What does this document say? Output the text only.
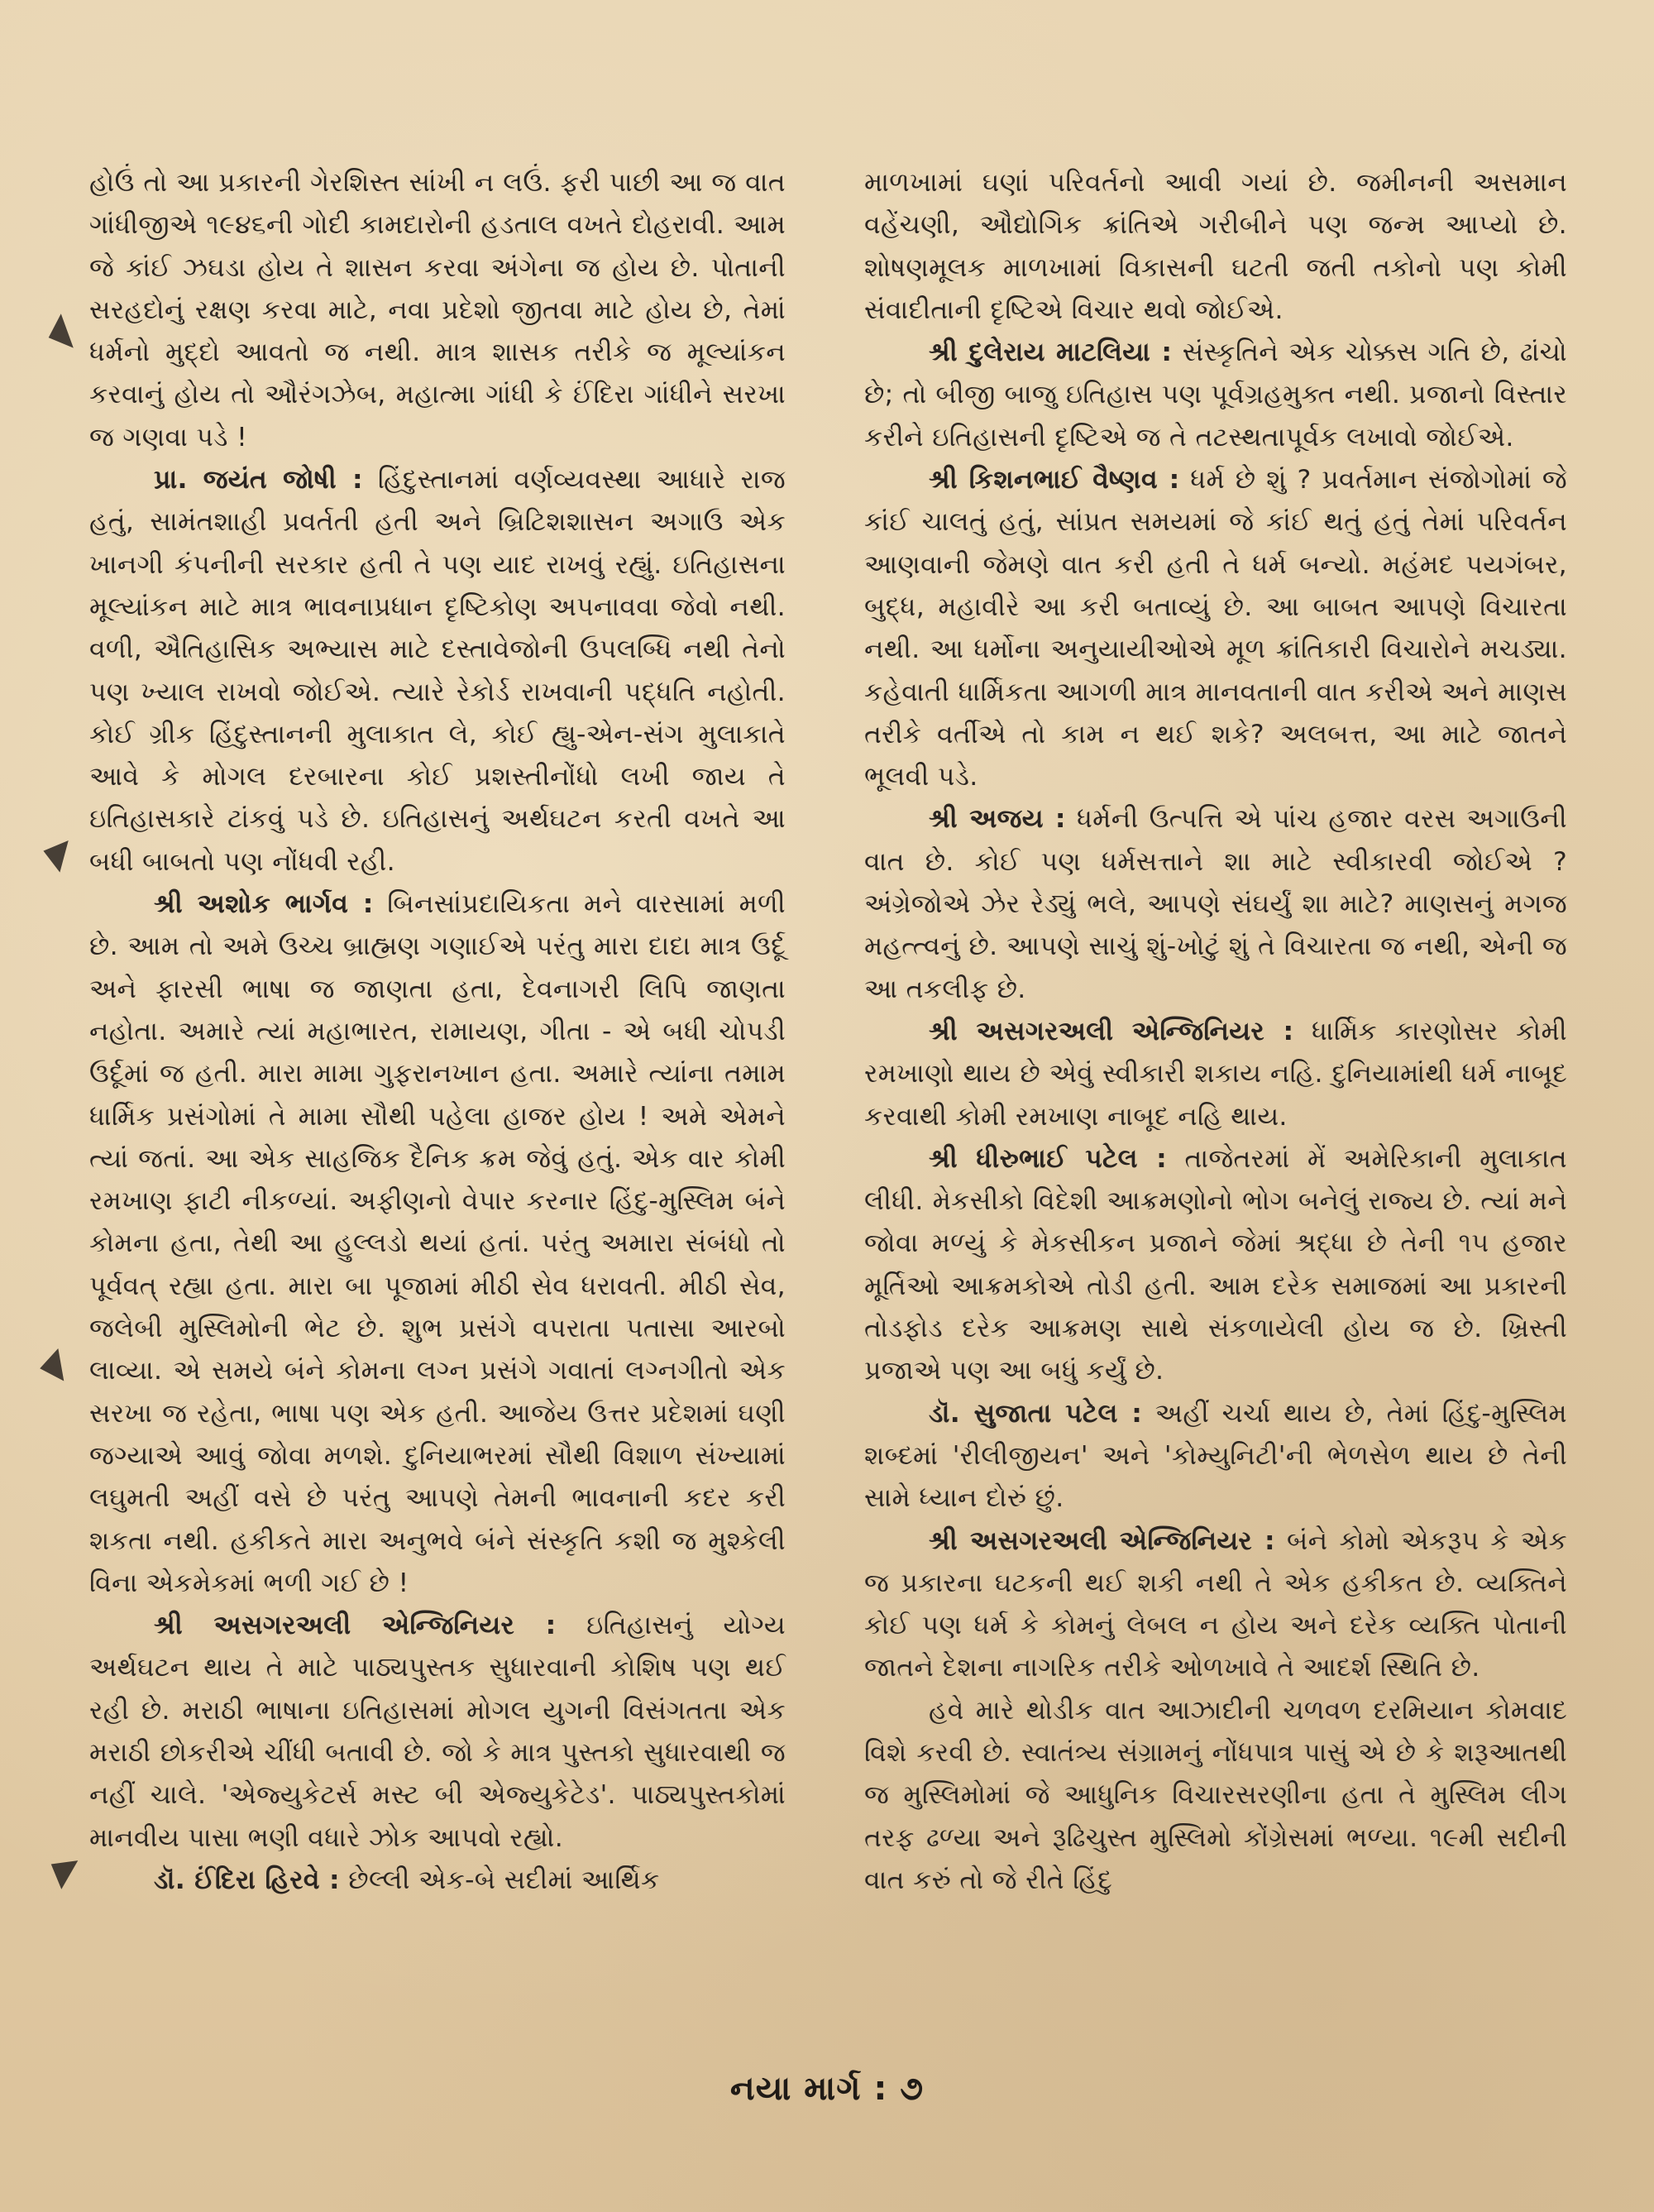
હોઉં તો આ પ્રકારની ગેરશિસ્ત સાંખી ન લઉં. ફરી પાછી આ જ વાત ગાંધીજીએ ૧૯૪૬ની ગોદી કામદારોની હડતાલ વખતે દોહરાવી. આમ જે કાંઈ ઝઘડા હોય તે શાસન કરવા અંગેના જ હોય છે. પોતાની સરહદોનું રક્ષણ કરવા માટે, નવા પ્રદેશો જીતવા માટે હોય છે, તેમાં ધર્મનો મુદ્દો આવતો જ નથી. માત્ર શાસક તરીકે જ મૂલ્યાંકન કરવાનું હોય તો ઔરંગઝેબ, મહાત્મા ગાંધી કે ઈંદિરા ગાંધીને સરખા જ ગણવા પડે !

પ્રા. જયંત જોષી : હિંદુસ્તાનમાં વર્ણવ્યવસ્થા આધારે રાજ હતું, સામંતશાહી પ્રવર્તતી હતી અને બ્રિટિશશાસન અગાઉ એક ખાનગી કંપનીની સરકાર હતી તે પણ યાદ રાખવું રહ્યું. ઇતિહાસના મૂલ્યાંકન માટે માત્ર ભાવનાપ્રધાન દૃષ્ટિકોણ અપનાવવા જેવો નથી. વળી, ઐતિહાસિક અભ્યાસ માટે દસ્તાવેજોની ઉપલબ્ધિ નથી તેનો પણ ખ્યાલ રાખવો જોઈએ. ત્યારે રેકોર્ડ રાખવાની પદ્ધતિ નહોતી. કોઈ ગ્રીક હિંદુસ્તાનની મુલાકાત લે, કોઈ હ્યુ-એન-સંગ મુલાકાતે આવે કે મોગલ દરબારના કોઈ પ્રશસ્તીનોંધો લખી જાય તે ઇતિહાસકારે ટાંકવું પડે છે. ઇતિહાસનું અર્થઘટન કરતી વખતે આ બધી બાબતો પણ નોંધવી રહી.

શ્રી અશોક ભાર્ગવ : બિનસાંપ્રદાયિકતા મને વારસામાં મળી છે. આમ તો અમે ઉચ્ચ બ્રાહ્મણ ગણાઈએ પરંતુ મારા દાદા માત્ર ઉર્દૂ અને ફારસી ભાષા જ જાણતા હતા, દેવનાગરી લિપિ જાણતા નહોતા. અમારે ત્યાં મહાભારત, રામાયણ, ગીતા - એ બધી ચોપડી ઉર્દૂમાં જ હતી. મારા મામા ગુફરાનખાન હતા. અમારે ત્યાંના તમામ ધાર્મિક પ્રસંગોમાં તે મામા સૌથી પહેલા હાજર હોય ! અમે એમને ત્યાં જતાં. આ એક સાહજિક દૈનિક ક્રમ જેવું હતું. એક વાર કોમી રમખાણ ફાટી નીકળ્યાં. અફીણનો વેપાર કરનાર હિંદુ-મુસ્લિમ બંને કોમના હતા, તેથી આ હુલ્લડો થયાં હતાં. પરંતુ અમારા સંબંધો તો પૂર્વવત્ રહ્યા હતા. મારા બા પૂજામાં મીઠી સેવ ધરાવતી. મીઠી સેવ, જલેબી મુસ્લિમોની ભેટ છે. શુભ પ્રસંગે વપરાતા પતાસા આરબો લાવ્યા. એ સમયે બંને કોમના લગ્ન પ્રસંગે ગવાતાં લગ્નગીતો એક સરખા જ રહેતા, ભાષા પણ એક હતી. આજેય ઉત્તર પ્રદેશમાં ઘણી જગ્યાએ આવું જોવા મળશે. દુનિયાભરમાં સૌથી વિશાળ સંખ્યામાં લઘુમતી અહીં વસે છે પરંતુ આપણે તેમની ભાવનાની કદર કરી શકતા નથી. હકીકતે મારા અનુભવે બંને સંસ્કૃતિ કશી જ મુશ્કેલી વિના એકમેકમાં ભળી ગઈ છે !

શ્રી અસગરઅલી એન્જિનિયર : ઇતિહાસનું યોગ્ય અર્થઘટન થાય તે માટે પાઠ્યપુસ્તક સુધારવાની કોશિષ પણ થઈ રહી છે. મરાઠી ભાષાના ઇતિહાસમાં મોગલ યુગની વિસંગતતા એક મરાઠી છોકરીએ ચીંધી બતાવી છે. જો કે માત્ર પુસ્તકો સુધારવાથી જ નહીં ચાલે. 'એજ્યુકેટર્સ મસ્ટ બી એજ્યુકેટેડ'. પાઠ્યપુસ્તકોમાં માનવીય પાસા ભણી વધારે ઝોક આપવો રહ્યો.

ડૉ. ઈંદિરા હિરવે : છેલ્લી એક-બે સદીમાં આર્થિક

માળખામાં ઘણાં પરિવર્તનો આવી ગયાં છે. જમીનની અસમાન વહેંચણી, ઔદ્યોગિક ક્રાંતિએ ગરીબીને પણ જન્મ આપ્યો છે. શોષણમૂલક માળખામાં વિકાસની ઘટતી જતી તકોનો પણ કોમી સંવાદીતાની દૃષ્ટિએ વિચાર થવો જોઈએ.

શ્રી દુલેરાય માટલિયા : સંસ્કૃતિને એક ચોક્કસ ગતિ છે, ઢાંચો છે; તો બીજી બાજુ ઇતિહાસ પણ પૂર્વગ્રહમુક્ત નથી. પ્રજાનો વિસ્તાર કરીને ઇતિહાસની દૃષ્ટિએ જ તે તટસ્થતાપૂર્વક લખાવો જોઈએ.

શ્રી કિશનભાઈ વૈષ્ણવ : ધર્મ છે શું ? પ્રવર્તમાન સંજોગોમાં જે કાંઈ ચાલતું હતું, સાંપ્રત સમયમાં જે કાંઈ થતું હતું તેમાં પરિવર્તન આણવાની જેમણે વાત કરી હતી તે ધર્મ બન્યો. મહંમદ પયગંબર, બુદ્ધ, મહાવીરે આ કરી બતાવ્યું છે. આ બાબત આપણે વિચારતા નથી. આ ધર્મોના અનુયાયીઓએ મૂળ ક્રાંતિકારી વિચારોને મચડ્યા. કહેવાતી ધાર્મિકતા આગળી માત્ર માનવતાની વાત કરીએ અને માણસ તરીકે વર્તીએ તો કામ ન થઈ શકે? અલબત્ત, આ માટે જાતને ભૂલવી પડે.

શ્રી અજય : ધર્મની ઉત્પત્તિ એ પાંચ હજાર વરસ અગાઉની વાત છે. કોઈ પણ ધર્મસત્તાને શા માટે સ્વીકારવી જોઈએ ? અંગ્રેજોએ ઝેર રેડ્યું ભલે, આપણે સંઘર્યું શા માટે? માણસનું મગજ મહત્ત્વનું છે. આપણે સાચું શું-ખોટું શું તે વિચારતા જ નથી, એની જ આ તકલીફ છે.

શ્રી અસગરઅલી એન્જિનિયર : ધાર્મિક કારણોસર કોમી રમખાણો થાય છે એવું સ્વીકારી શકાય નહિ. દુનિયામાંથી ધર્મ નાબૂદ કરવાથી કોમી રમખાણ નાબૂદ નહિ થાય.

શ્રી ધીરુભાઈ પટેલ : તાજેતરમાં મેં અમેરિકાની મુલાકાત લીધી. મેકસીકો વિદેશી આક્રમણોનો ભોગ બનેલું રાજ્ય છે. ત્યાં મને જોવા મળ્યું કે મેકસીકન પ્રજાને જેમાં શ્રદ્ધા છે તેની ૧૫ હજાર મૂર્તિઓ આક્રમકોએ તોડી હતી. આમ દરેક સમાજમાં આ પ્રકારની તોડફોડ દરેક આક્રમણ સાથે સંકળાયેલી હોય જ છે. ખ્રિસ્તી પ્રજાએ પણ આ બધું કર્યું છે.

ડૉ. સુજાતા પટેલ : અહીં ચર્ચા થાય છે, તેમાં હિંદુ-મુસ્લિમ શબ્દમાં 'રીલીજીયન' અને 'કોમ્યુનિટી'ની ભેળસેળ થાય છે તેની સામે ધ્યાન દોરું છું.

શ્રી અસગરઅલી એન્જિનિયર : બંને કોમો એકરૂપ કે એક જ પ્રકારના ઘટકની થઈ શકી નથી તે એક હકીકત છે. વ્યક્તિને કોઈ પણ ધર્મ કે કોમનું લેબલ ન હોય અને દરેક વ્યક્તિ પોતાની જાતને દેશના નાગરિક તરીકે ઓળખાવે તે આદર્શ સ્થિતિ છે.

હવે મારે થોડીક વાત આઝાદીની ચળવળ દરમિયાન કોમવાદ વિશે કરવી છે. સ્વાતંત્ર્ય સંગ્રામનું નોંધપાત્ર પાસું એ છે કે શરૂઆતથી જ મુસ્લિમોમાં જે આધુનિક વિચારસરણીના હતા તે મુસ્લિમ લીગ તરફ ઢળ્યા અને રૂઢિચુસ્ત મુસ્લિમો કોંગ્રેસમાં ભળ્યા. ૧૯મી સદીની વાત કરું તો જે રીતે હિંદુ

નયા માર્ગ : ૭
